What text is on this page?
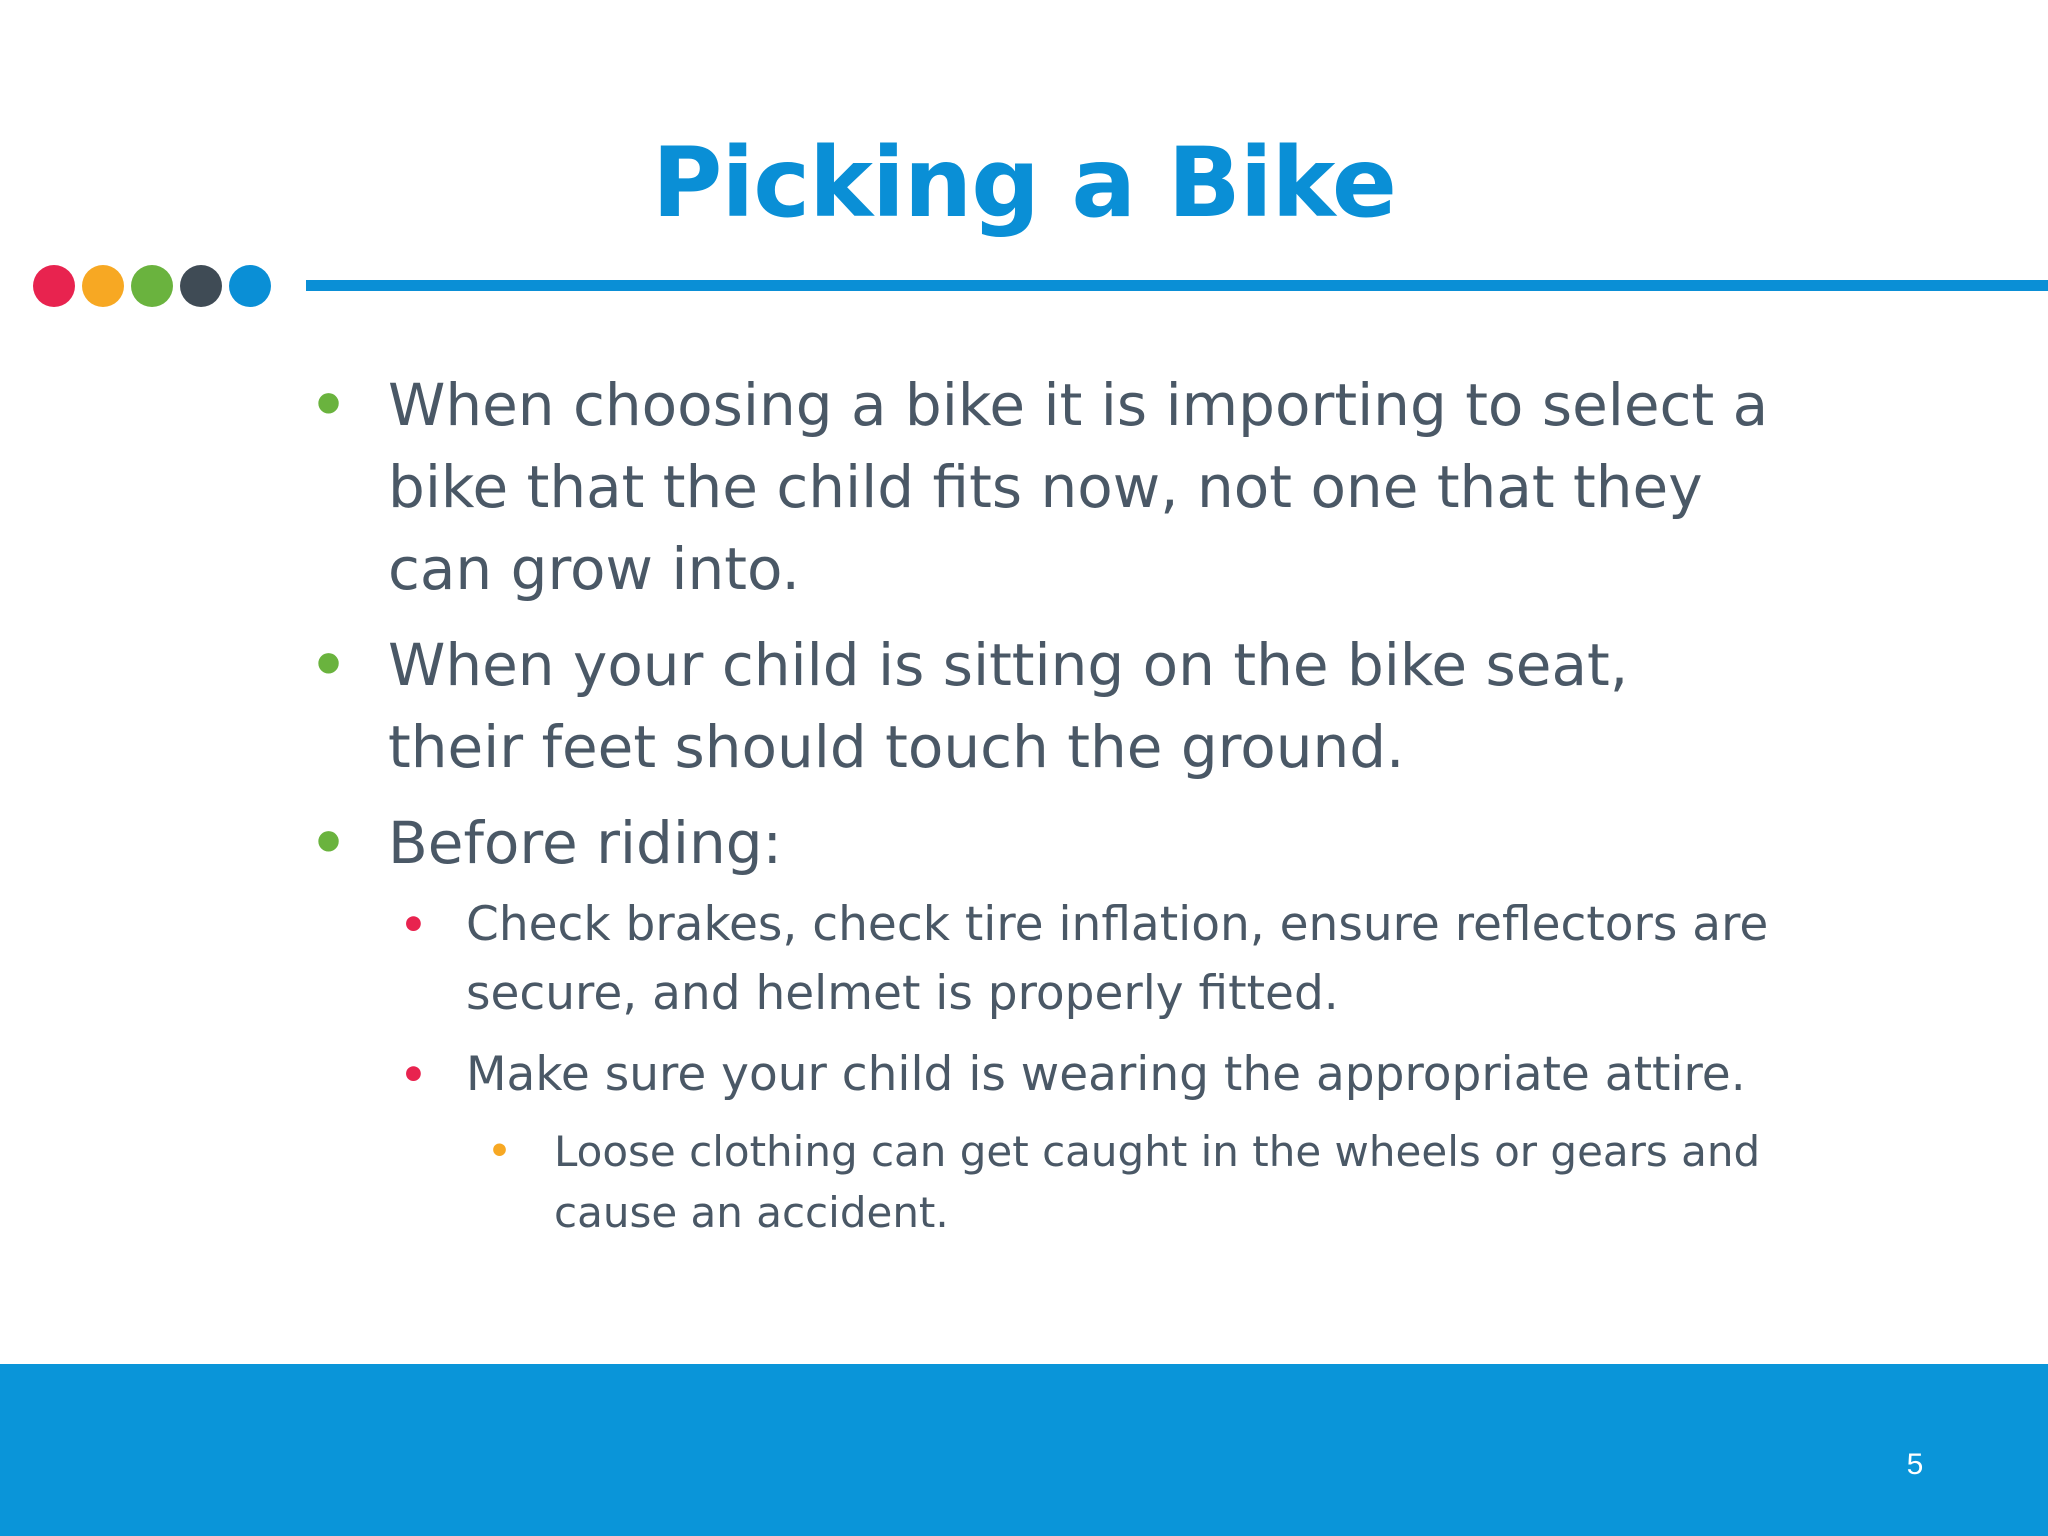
Picking a Bike
• When choosing a bike it is importing to select a bike that the child fits now, not one that they can grow into.
• When your child is sitting on the bike seat, their feet should touch the ground.
• Before riding:
• Check brakes, check tire inflation, ensure reflectors are secure, and helmet is properly fitted.
• Make sure your child is wearing the appropriate attire.
• Loose clothing can get caught in the wheels or gears and cause an accident.
5
